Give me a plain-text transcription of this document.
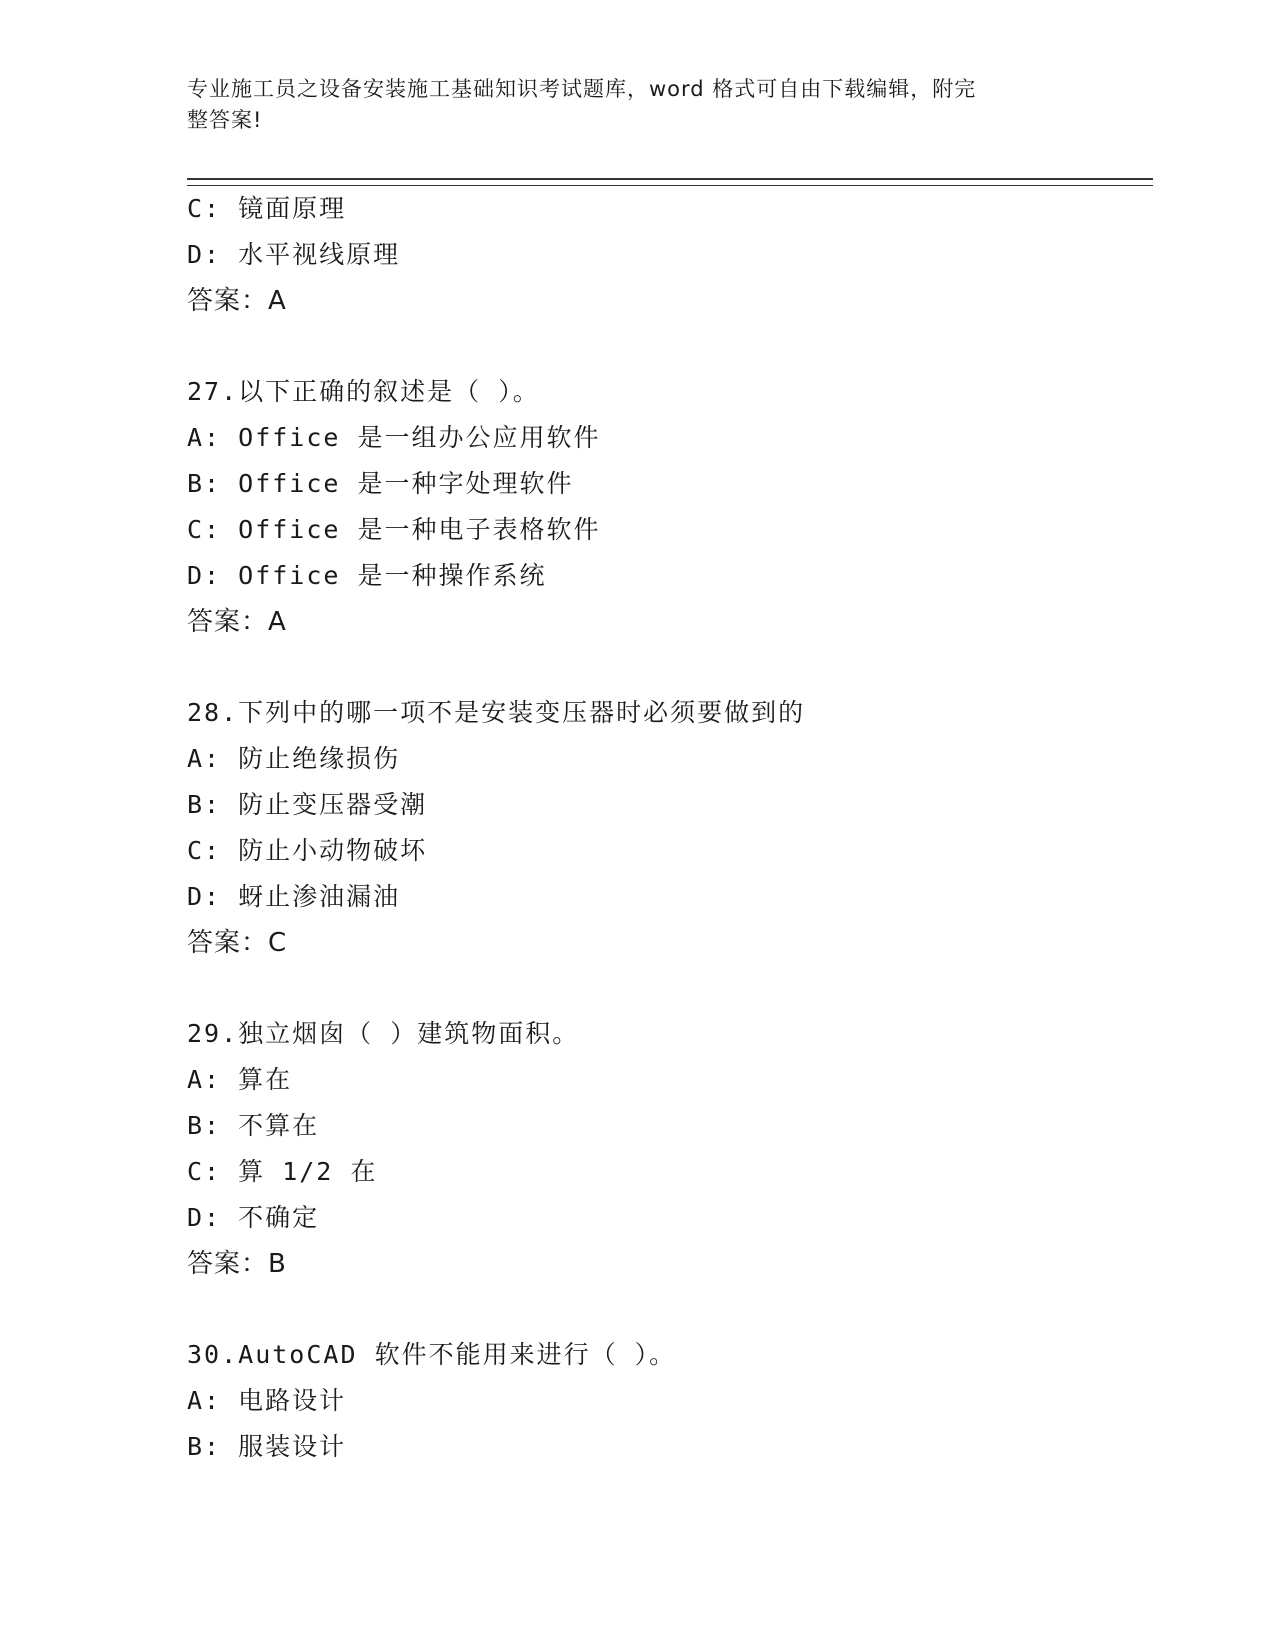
专业施工员之设备安装施工基础知识考试题库，word 格式可自由下载编辑，附完
整答案!
C: 镜面原理
D: 水平视线原理
答案：A
27.以下正确的叙述是（ ）。
A: Office 是一组办公应用软件
B: Office 是一种字处理软件
C: Office 是一种电子表格软件
D: Office 是一种操作系统
答案：A
28.下列中的哪一项不是安装变压器时必须要做到的
A: 防止绝缘损伤
B: 防止变压器受潮
C: 防止小动物破坏
D: 蚜止渗油漏油
答案：C
29.独立烟囱（ ）建筑物面积。
A: 算在
B: 不算在
C: 算 1/2 在
D: 不确定
答案：B
30.AutoCAD 软件不能用来进行（ ）。
A: 电路设计
B: 服装设计
